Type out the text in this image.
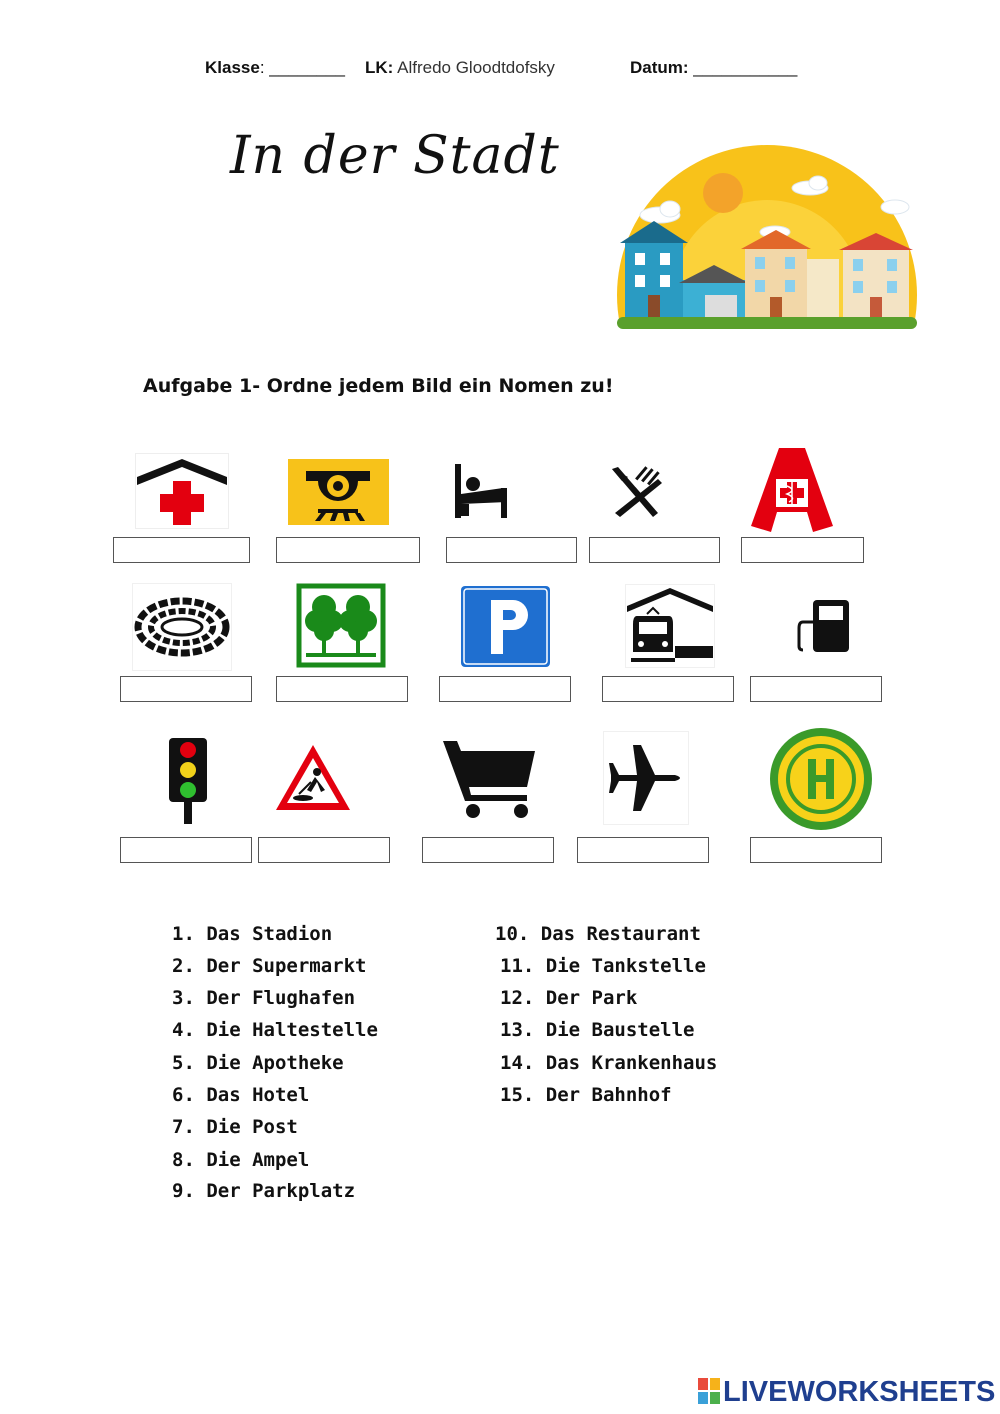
Klasse: ________ LK: Alfredo Gloodtdofsky	Datum: ___________
In der Stadt
Aufgabe 1- Ordne jedem Bild ein Nomen zu!
1. Das Stadion
2. Der Supermarkt
3. Der Flughafen
4. Die Haltestelle
5. Die Apotheke
6. Das Hotel
7. Die Post
8. Die Ampel
9. Der Parkplatz
10. Das Restaurant
11. Die Tankstelle
12. Der Park
13. Die Baustelle
14. Das Krankenhaus
15. Der Bahnhof
LIVEWORKSHEETS
